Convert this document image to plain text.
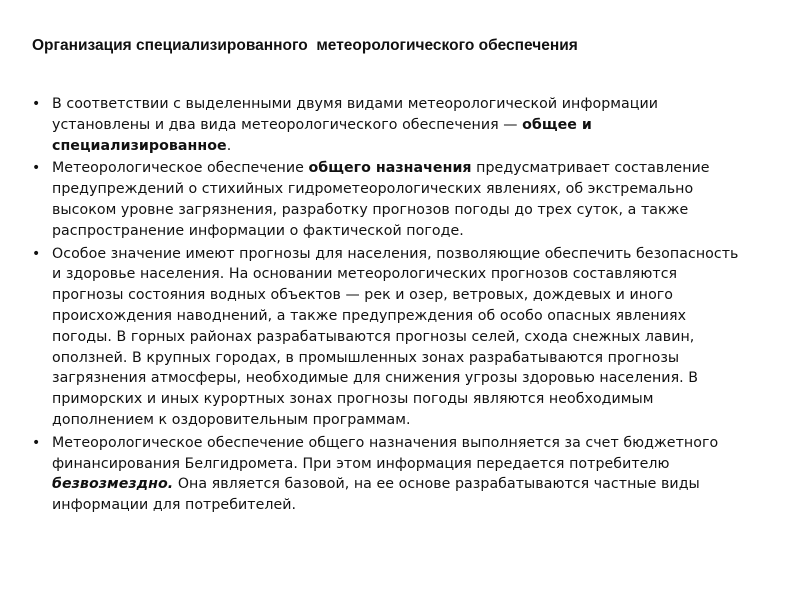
Организация специализированного  метеорологического обеспечения
• В соответствии с выделенными двумя видами метеорологической информации установлены и два вида метеорологического обеспечения — общее и специализированное.
• Метеорологическое обеспечение общего назначения предусматривает составление предупреждений о стихийных гидрометеорологических явлениях, об экстремально высоком уровне загрязнения, разработку прогнозов погоды до трех суток, а также распространение информации о фактической погоде.
• Особое значение имеют прогнозы для населения, позволяющие обеспечить безопасность и здоровье населения. На основании метеорологических прогнозов составляются прогнозы состояния водных объектов — рек и озер, ветровых, дождевых и иного происхождения наводнений, а также предупреждения об особо опасных явлениях погоды. В горных районах разрабатываются прогнозы селей, схода снежных лавин, оползней. В крупных городах, в промышленных зонах разрабатываются прогнозы загрязнения атмосферы, необходимые для снижения угрозы здоровью населения. В приморских и иных курортных зонах прогнозы погоды являются необходимым дополнением к оздоровительным программам.
• Метеорологическое обеспечение общего назначения выполняется за счет бюджетного финансирования Белгидромета. При этом информация передается потребителю безвозмездно. Она является базовой, на ее основе разрабатываются частные виды информации для потребителей.
